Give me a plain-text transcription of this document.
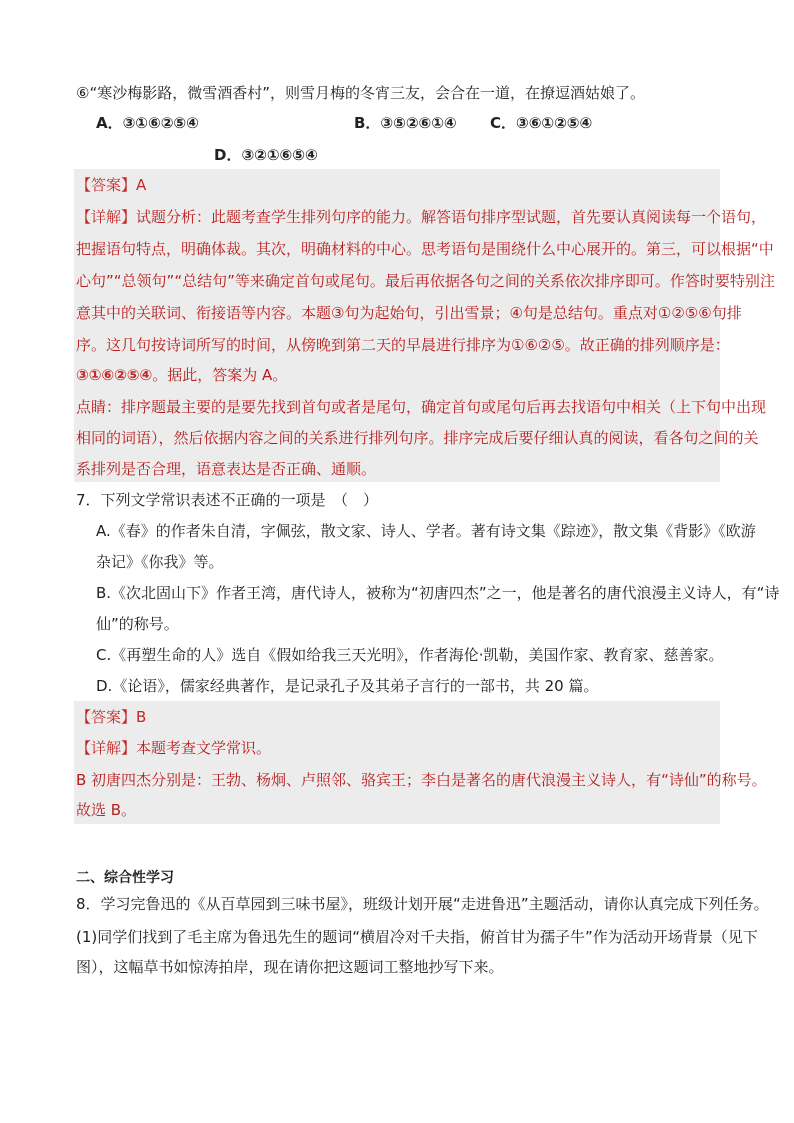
⑥“寒沙梅影路，微雪酒香村”，则雪月梅的冬宵三友，会合在一道，在撩逗酒姑娘了。
A．③①⑥②⑤④	B．③⑤②⑥①④ C．③⑥①②⑤④
D．③②①⑥⑤④
【答案】A
【详解】试题分析：此题考查学生排列句序的能力。解答语句排序型试题，首先要认真阅读每一个语句，
把握语句特点，明确体裁。其次，明确材料的中心。思考语句是围绕什么中心展开的。第三，可以根据“中
心句”“总领句”“总结句”等来确定首句或尾句。最后再依据各句之间的关系依次排序即可。作答时要特别注
意其中的关联词、衔接语等内容。本题③句为起始句，引出雪景；④句是总结句。重点对①②⑤⑥句排
序。这几句按诗词所写的时间，从傍晚到第二天的早晨进行排序为①⑥②⑤。故正确的排列顺序是：
③①⑥②⑤④。据此，答案为 A。
点睛：排序题最主要的是要先找到首句或者是尾句，确定首句或尾句后再去找语句中相关（上下句中出现
相同的词语），然后依据内容之间的关系进行排列句序。排序完成后要仔细认真的阅读，看各句之间的关
系排列是否合理，语意表达是否正确、通顺。
7．下列文学常识表述不正确的一项是　（　）
A.《春》的作者朱自清，字佩弦，散文家、诗人、学者。著有诗文集《踪迹》，散文集《背影》《欧游
杂记》《你我》等。
B.《次北固山下》作者王湾，唐代诗人，被称为“初唐四杰”之一，他是著名的唐代浪漫主义诗人，有“诗
仙”的称号。
C.《再塑生命的人》选自《假如给我三天光明》，作者海伦·凯勒，美国作家、教育家、慈善家。
D.《论语》，儒家经典著作，是记录孔子及其弟子言行的一部书，共 20 篇。
【答案】B
【详解】本题考查文学常识。
B 初唐四杰分别是：王勃、杨炯、卢照邻、骆宾王；李白是著名的唐代浪漫主义诗人，有“诗仙”的称号。
故选 B。
二、综合性学习
8．学习完鲁迅的《从百草园到三味书屋》，班级计划开展“走进鲁迅”主题活动，请你认真完成下列任务。
(1)同学们找到了毛主席为鲁迅先生的题词“横眉冷对千夫指，俯首甘为孺子牛”作为活动开场背景（见下
图），这幅草书如惊涛拍岸，现在请你把这题词工整地抄写下来。
